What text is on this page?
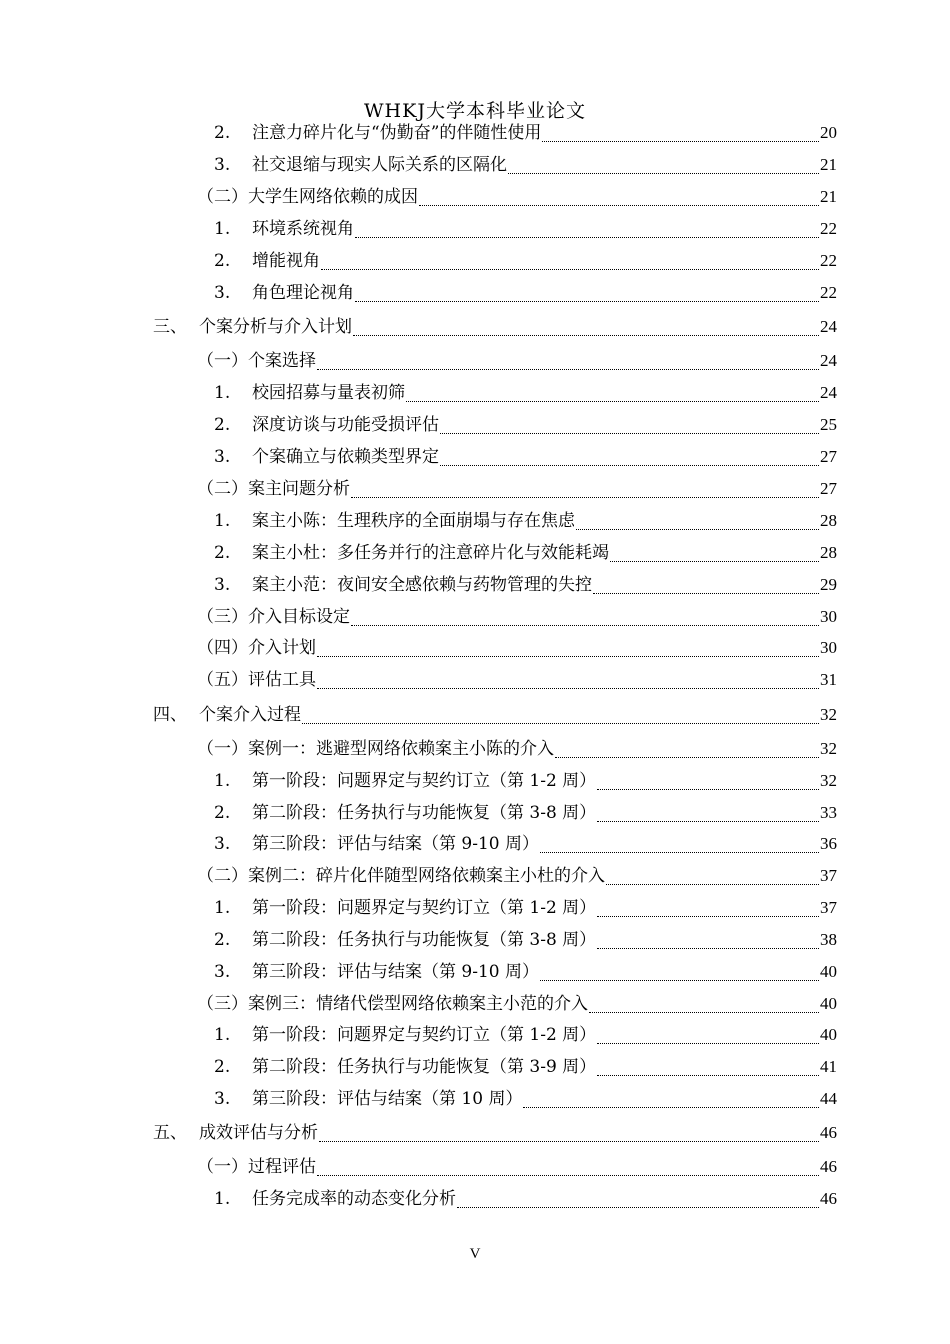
WHKJ大学本科毕业论文
2.	注意力碎片化与“伪勤奋”的伴随性使用	20
3.	社交退缩与现实人际关系的区隔化	21
（二）大学生网络依赖的成因	21
1.	环境系统视角	22
2.	增能视角	22
3.	角色理论视角	22
三、 个案分析与介入计划	24
（一）个案选择	24
1.	校园招募与量表初筛	24
2.	深度访谈与功能受损评估	25
3.	个案确立与依赖类型界定	27
（二）案主问题分析	27
1.	案主小陈：生理秩序的全面崩塌与存在焦虑	28
2.	案主小杜：多任务并行的注意碎片化与效能耗竭	28
3.	案主小范：夜间安全感依赖与药物管理的失控	29
（三）介入目标设定	30
（四）介入计划	30
（五）评估工具	31
四、 个案介入过程	32
（一）案例一：逃避型网络依赖案主小陈的介入	32
1.	第一阶段：问题界定与契约订立（第 1-2 周）	32
2.	第二阶段：任务执行与功能恢复（第 3-8 周）	33
3.	第三阶段：评估与结案（第 9-10 周）	36
（二）案例二：碎片化伴随型网络依赖案主小杜的介入	37
1.	第一阶段：问题界定与契约订立（第 1-2 周）	37
2.	第二阶段：任务执行与功能恢复（第 3-8 周）	38
3.	第三阶段：评估与结案（第 9-10 周）	40
（三）案例三：情绪代偿型网络依赖案主小范的介入	40
1.	第一阶段：问题界定与契约订立（第 1-2 周）	40
2.	第二阶段：任务执行与功能恢复（第 3-9 周）	41
3.	第三阶段：评估与结案（第 10 周）	44
五、 成效评估与分析	46
（一）过程评估	46
1.	任务完成率的动态变化分析	46
V
